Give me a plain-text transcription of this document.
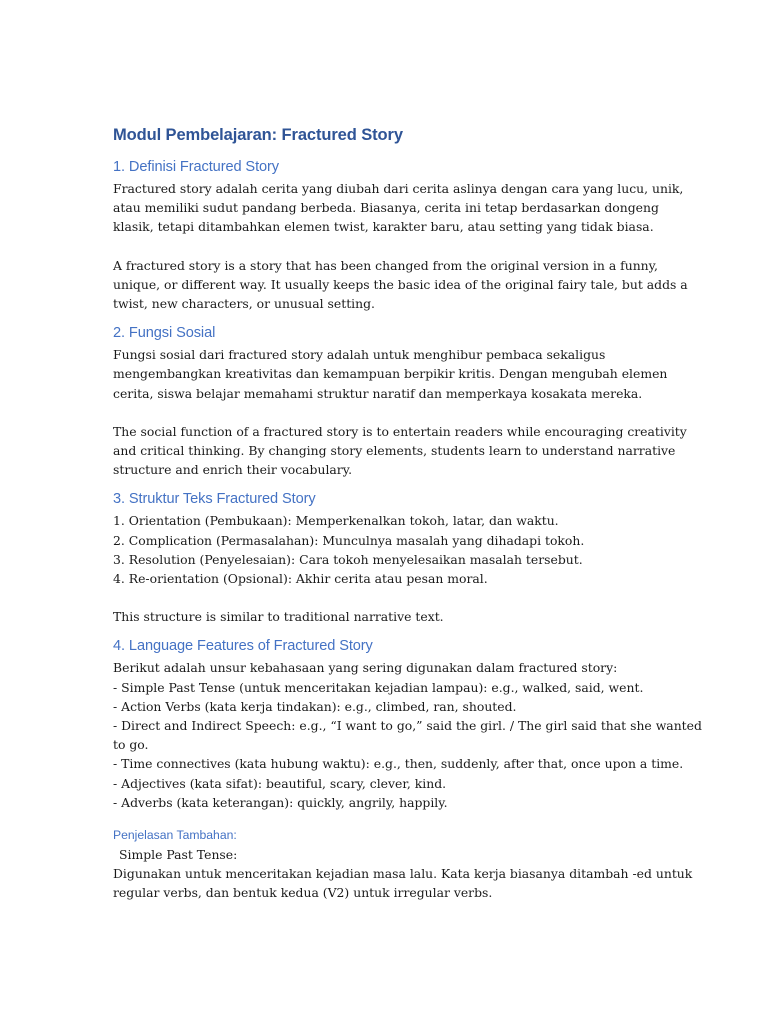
Modul Pembelajaran: Fractured Story
1. Definisi Fractured Story

Fractured story adalah cerita yang diubah dari cerita aslinya dengan cara yang lucu, unik,
atau memiliki sudut pandang berbeda. Biasanya, cerita ini tetap berdasarkan dongeng
klasik, tetapi ditambahkan elemen twist, karakter baru, atau setting yang tidak biasa.

A fractured story is a story that has been changed from the original version in a funny,
unique, or different way. It usually keeps the basic idea of the original fairy tale, but adds a
twist, new characters, or unusual setting.

2. Fungsi Sosial

Fungsi sosial dari fractured story adalah untuk menghibur pembaca sekaligus
mengembangkan kreativitas dan kemampuan berpikir kritis. Dengan mengubah elemen
cerita, siswa belajar memahami struktur naratif dan memperkaya kosakata mereka.

The social function of a fractured story is to entertain readers while encouraging creativity
and critical thinking. By changing story elements, students learn to understand narrative
structure and enrich their vocabulary.

3. Struktur Teks Fractured Story

1. Orientation (Pembukaan): Memperkenalkan tokoh, latar, dan waktu.
2. Complication (Permasalahan): Munculnya masalah yang dihadapi tokoh.
3. Resolution (Penyelesaian): Cara tokoh menyelesaikan masalah tersebut.
4. Re-orientation (Opsional): Akhir cerita atau pesan moral.

This structure is similar to traditional narrative text.

4. Language Features of Fractured Story

Berikut adalah unsur kebahasaan yang sering digunakan dalam fractured story:
- Simple Past Tense (untuk menceritakan kejadian lampau): e.g., walked, said, went.
- Action Verbs (kata kerja tindakan): e.g., climbed, ran, shouted.
- Direct and Indirect Speech: e.g., “I want to go,” said the girl. / The girl said that she wanted
to go.
- Time connectives (kata hubung waktu): e.g., then, suddenly, after that, once upon a time.
- Adjectives (kata sifat): beautiful, scary, clever, kind.
- Adverbs (kata keterangan): quickly, angrily, happily.

Penjelasan Tambahan:

Simple Past Tense:
Digunakan untuk menceritakan kejadian masa lalu. Kata kerja biasanya ditambah -ed untuk
regular verbs, dan bentuk kedua (V2) untuk irregular verbs.
